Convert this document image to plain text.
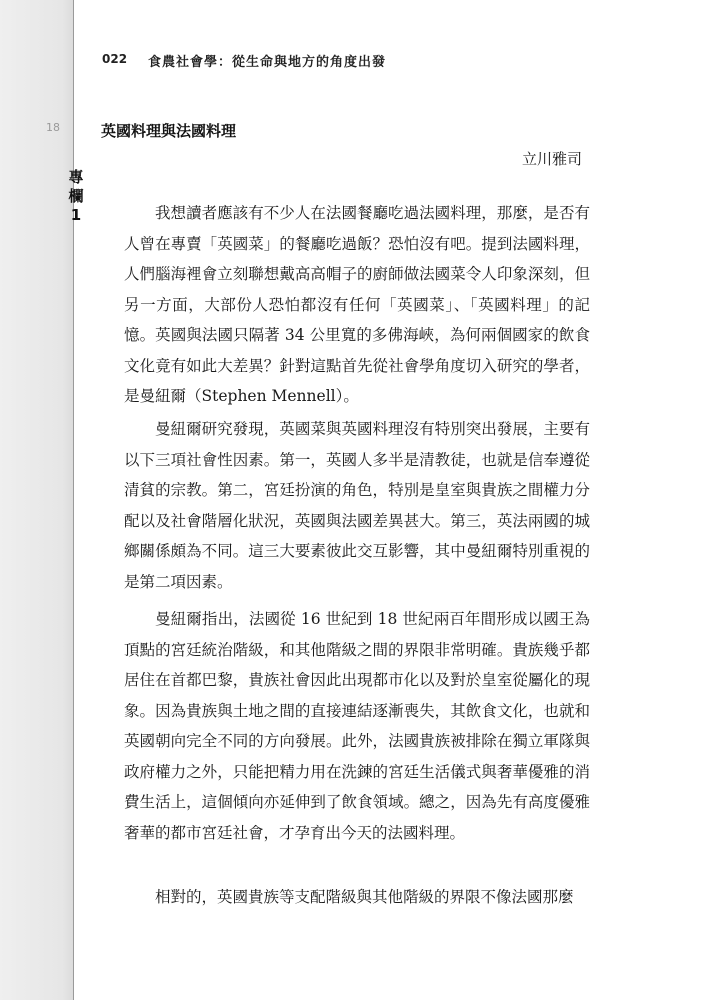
022 食農社會學：從生命與地方的角度出發
18
專
欄
1
英國料理與法國料理
立川雅司

我想讀者應該有不少人在法國餐廳吃過法國料理，那麼，是否有人曾在專賣「英國菜」的餐廳吃過飯？恐怕沒有吧。提到法國料理，人們腦海裡會立刻聯想戴高高帽子的廚師做法國菜令人印象深刻，但另一方面，大部份人恐怕都沒有任何「英國菜」、「英國料理」的記憶。英國與法國只隔著 34 公里寬的多佛海峽，為何兩個國家的飲食文化竟有如此大差異？針對這點首先從社會學角度切入研究的學者，是曼紐爾（Stephen Mennell）。

曼紐爾研究發現，英國菜與英國料理沒有特別突出發展，主要有以下三項社會性因素。第一，英國人多半是清教徒，也就是信奉遵從清貧的宗教。第二，宮廷扮演的角色，特別是皇室與貴族之間權力分配以及社會階層化狀況，英國與法國差異甚大。第三，英法兩國的城鄉關係頗為不同。這三大要素彼此交互影響，其中曼紐爾特別重視的是第二項因素。

曼紐爾指出，法國從 16 世紀到 18 世紀兩百年間形成以國王為頂點的宮廷統治階級，和其他階級之間的界限非常明確。貴族幾乎都居住在首都巴黎，貴族社會因此出現都市化以及對於皇室從屬化的現象。因為貴族與土地之間的直接連結逐漸喪失，其飲食文化，也就和英國朝向完全不同的方向發展。此外，法國貴族被排除在獨立軍隊與政府權力之外，只能把精力用在洗鍊的宮廷生活儀式與奢華優雅的消費生活上，這個傾向亦延伸到了飲食領域。總之，因為先有高度優雅奢華的都市宮廷社會，才孕育出今天的法國料理。

相對的，英國貴族等支配階級與其他階級的界限不像法國那麼
